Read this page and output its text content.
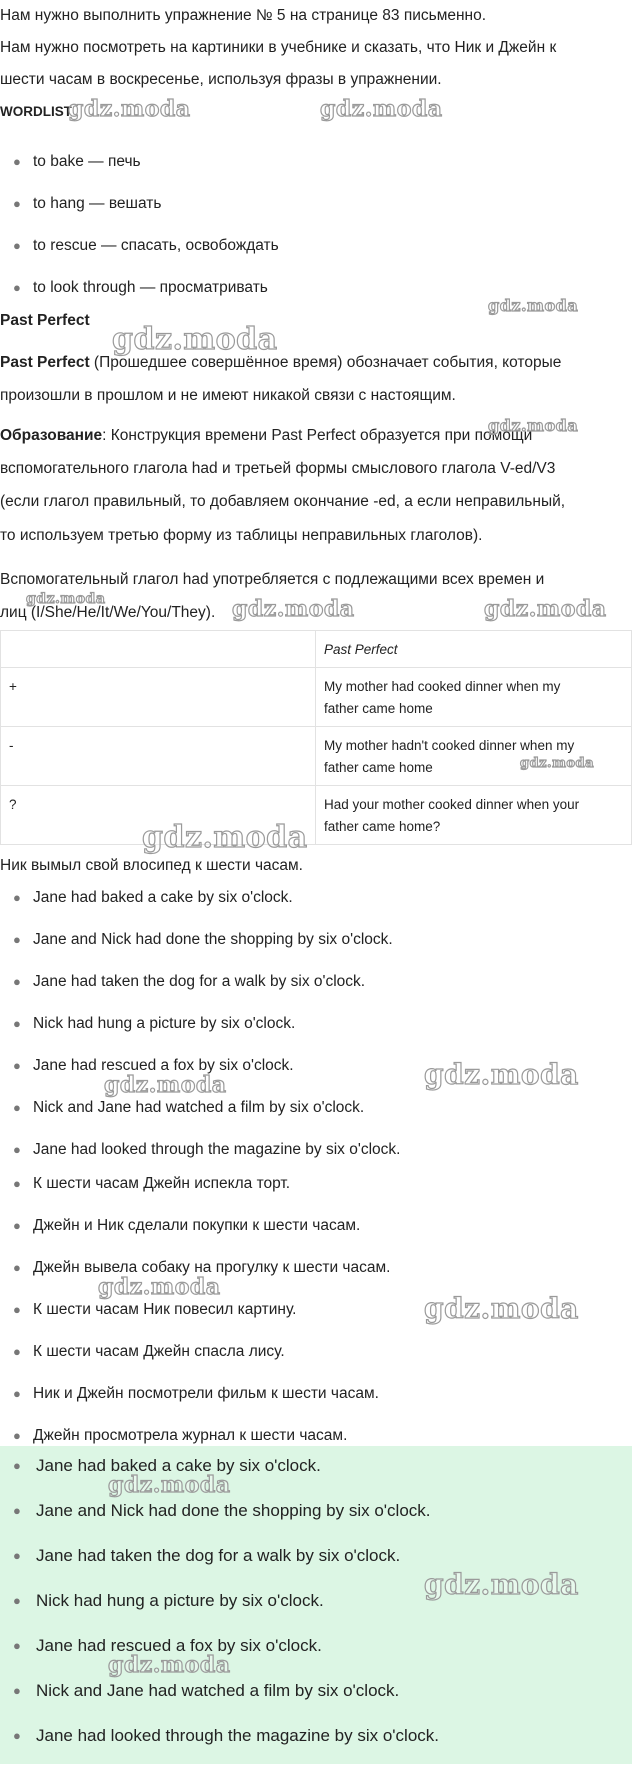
Нам нужно выполнить упражнение № 5 на странице 83 письменно.
Нам нужно посмотреть на картиники в учебнике и сказать, что Ник и Джейн к
шести часам в воскресенье, используя фразы в упражнении.
WORDLIST
● to bake — печь
● to hang — вешать
● to rescue — спасать, освобождать
● to look through — просматривать
Past Perfect
Past Perfect (Прошедшее совершённое время) обозначает события, которые
произошли в прошлом и не имеют никакой связи с настоящим.
Образование: Конструкция времени Past Perfect образуется при помощи
вспомогательного глагола had и третьей формы смыслового глагола V-ed/V3
(если глагол правильный, то добавляем окончание -ed, а если неправильный,
то используем третью форму из таблицы неправильных глаголов).
Вспомогательный глагол had употребляется с подлежащими всех времен и
лиц (I/She/He/It/We/You/They).
	Past Perfect
+	My mother had cooked dinner when my
father came home
-	My mother hadn't cooked dinner when my
father came home
?	Had your mother cooked dinner when your
father came home?
Ник вымыл свой влосипед к шести часам.
● Jane had baked a cake by six o'clock.
● Jane and Nick had done the shopping by six o'clock.
● Jane had taken the dog for a walk by six o'clock.
● Nick had hung a picture by six o'clock.
● Jane had rescued a fox by six o'clock.
● Nick and Jane had watched a film by six o'clock.
● Jane had looked through the magazine by six o'clock.
● К шести часам Джейн испекла торт.
● Джейн и Ник сделали покупки к шести часам.
● Джейн вывела собаку на прогулку к шести часам.
● К шести часам Ник повесил картину.
● К шести часам Джейн спасла лису.
● Ник и Джейн посмотрели фильм к шести часам.
● Джейн просмотрела журнал к шести часам.
● Jane had baked a cake by six o'clock.
● Jane and Nick had done the shopping by six o'clock.
● Jane had taken the dog for a walk by six o'clock.
● Nick had hung a picture by six o'clock.
● Jane had rescued a fox by six o'clock.
● Nick and Jane had watched a film by six o'clock.
● Jane had looked through the magazine by six o'clock.
gdz.moda	gdz.moda
gdz.moda
gdz.moda
gdz.moda
gdz.moda	gdz.moda	gdz.moda
gdz.moda
gdz.moda
gdz.moda
gdz.moda
gdz.moda
gdz.moda
gdz.moda
gdz.moda
gdz.moda
